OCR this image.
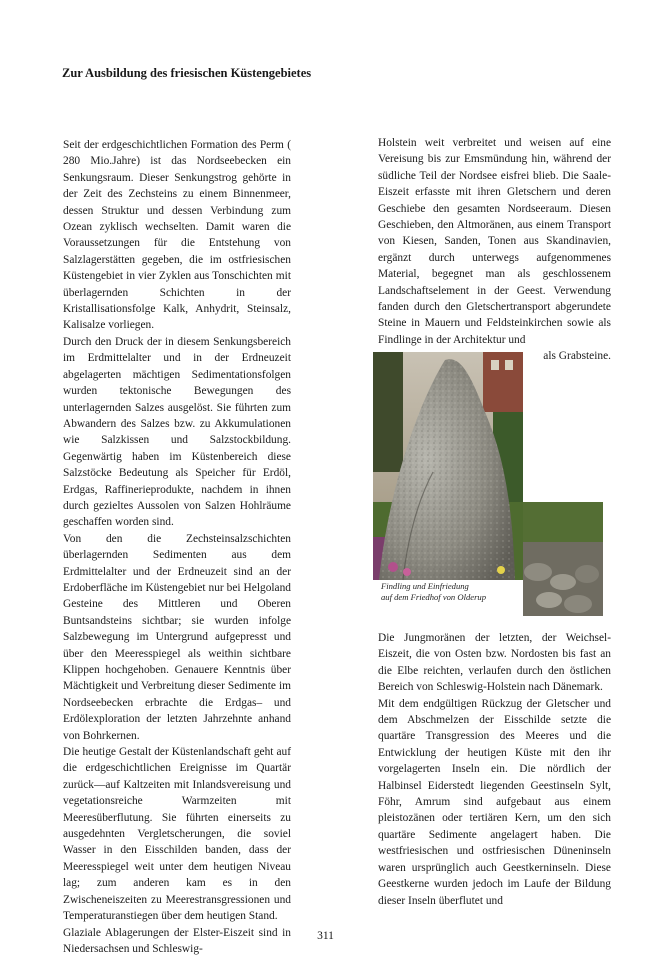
Zur Ausbildung des friesischen Küstengebietes

Seit der erdgeschichtlichen Formation des Perm ( 280 Mio.Jahre) ist das Nordseebecken ein Senkungsraum. Dieser Senkungstrog gehörte in der Zeit des Zechsteins zu einem Binnenmeer, dessen Struktur und dessen Verbindung zum Ozean zyklisch wechselten. Damit waren die Voraussetzungen für die Entstehung von Salzlagerstätten gegeben, die im ostfriesischen Küstengebiet in vier Zyklen aus Tonschichten mit überlagernden Schichten in der Kristallisationsfolge Kalk, Anhydrit, Steinsalz, Kalisalze vorliegen.

Durch den Druck der in diesem Senkungsbereich im Erdmittelalter und in der Erdneuzeit abgelagerten mächtigen Sedimentationsfolgen wurden tektonische Bewegungen des unterlagernden Salzes ausgelöst. Sie führten zum Abwandern des Salzes bzw. zu Akkumulationen wie Salzkissen und Salzstockbildung. Gegenwärtig haben im Küstenbereich diese Salzstöcke Bedeutung als Speicher für Erdöl, Erdgas, Raffinerieprodukte, nachdem in ihnen durch gezieltes Aussolen von Salzen Hohlräume geschaffen worden sind.

Von den die Zechsteinsalzschichten überlagernden Sedimenten aus dem Erdmittelalter und der Erdneuzeit sind an der Erdoberfläche im Küstengebiet nur bei Helgoland Gesteine des Mittleren und Oberen Buntsandsteins sichtbar; sie wurden infolge Salzbewegung im Untergrund aufgepresst und über den Meeresspiegel als weithin sichtbare Klippen hochgehoben. Genauere Kenntnis über Mächtigkeit und Verbreitung dieser Sedimente im Nordseebecken erbrachte die Erdgas– und Erdölexploration der letzten Jahrzehnte anhand von Bohrkernen.

Die heutige Gestalt der Küstenlandschaft geht auf die erdgeschichtlichen Ereignisse im Quartär zurück—auf Kaltzeiten mit Inlandsvereisung und vegetationsreiche Warmzeiten mit Meeresüberflutung. Sie führten einerseits zu ausgedehnten Vergletscherungen, die soviel Wasser in den Eisschilden banden, dass der Meeresspiegel weit unter dem heutigen Niveau lag; zum anderen kam es in den Zwischeneiszeiten zu Meerestransgressionen und Temperaturanstiegen über dem heutigen Stand.

Glaziale Ablagerungen der Elster-Eiszeit sind in Niedersachsen und Schleswig-

Holstein weit verbreitet und weisen auf eine Vereisung bis zur Emsmündung hin, während der südliche Teil der Nordsee eisfrei blieb. Die Saale-Eiszeit erfasste mit ihren Gletschern und deren Geschiebe den gesamten Nordseeraum. Diesen Geschieben, den Altmoränen, aus einem Transport von Kiesen, Sanden, Tonen aus Skandinavien, ergänzt durch unterwegs aufgenommenes Material, begegnet man als geschlossenem Landschaftselement in der Geest. Verwendung fanden durch den Gletschertransport abgerundete Steine in Mauern und Feldsteinkirchen sowie als Findlinge in der Architektur und

als Grabsteine.

Findling und Einfriedung
auf dem Friedhof von Olderup

Die Jungmoränen der letzten, der Weichsel-Eiszeit, die von Osten bzw. Nordosten bis fast an die Elbe reichten, verlaufen durch den östlichen Bereich von Schleswig-Holstein nach Dänemark.

Mit dem endgültigen Rückzug der Gletscher und dem Abschmelzen der Eisschilde setzte die quartäre Transgression des Meeres und die Entwicklung der heutigen Küste mit den ihr vorgelagerten Inseln ein. Die nördlich der Halbinsel Eiderstedt liegenden Geestinseln Sylt, Föhr, Amrum sind aufgebaut aus einem pleistozänen oder tertiären Kern, um den sich quartäre Sedimente angelagert haben. Die westfriesischen und ostfriesischen Düneninseln waren ursprünglich auch Geestkerninseln. Diese Geestkerne wurden jedoch im Laufe der Bildung dieser Inseln überflutet und

311
